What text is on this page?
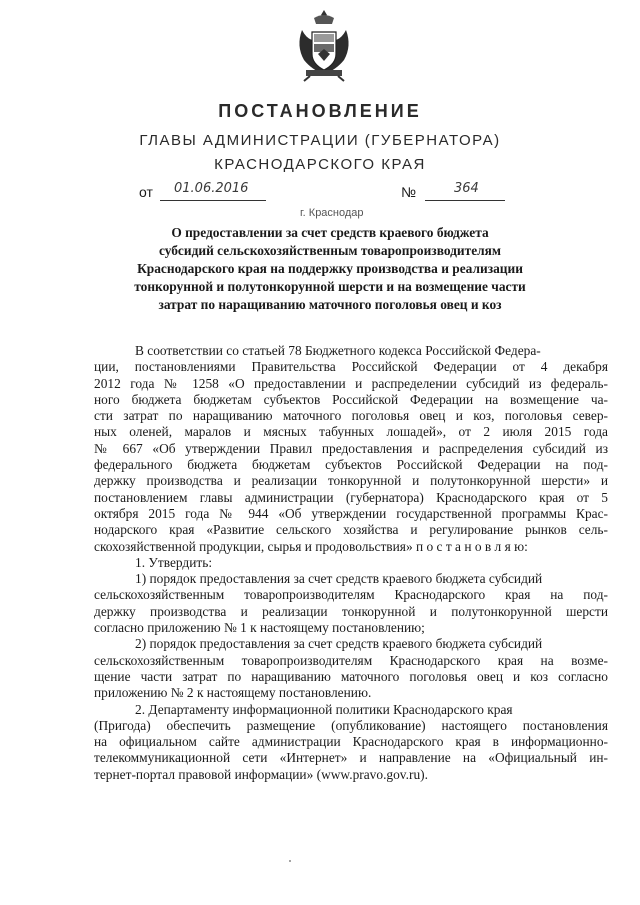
ПОСТАНОВЛЕНИЕ
ГЛАВЫ АДМИНИСТРАЦИИ (ГУБЕРНАТОРА)
КРАСНОДАРСКОГО КРАЯ
от 01.06.2016	№	364
г. Краснодар
О предоставлении за счет средств краевого бюджета
субсидий сельскохозяйственным товаропроизводителям
Краснодарского края на поддержку производства и реализации
тонкорунной и полутонкорунной шерсти и на возмещение части
затрат по наращиванию маточного поголовья овец и коз
В соответствии со статьей 78 Бюджетного кодекса Российской Федера-
ции, постановлениями Правительства Российской Федерации от 4 декабря
2012 года № 1258 «О предоставлении и распределении субсидий из федераль-
ного бюджета бюджетам субъектов Российской Федерации на возмещение ча-
сти затрат по наращиванию маточного поголовья овец и коз, поголовья север-
ных оленей, маралов и мясных табунных лошадей», от 2 июля 2015 года
№ 667 «Об утверждении Правил предоставления и распределения субсидий из
федерального бюджета бюджетам субъектов Российской Федерации на под-
держку производства и реализации тонкорунной и полутонкорунной шерсти» и
постановлением главы администрации (губернатора) Краснодарского края от 5
октября 2015 года № 944 «Об утверждении государственной программы Крас-
нодарского края «Развитие сельского хозяйства и регулирование рынков сель-
скохозяйственной продукции, сырья и продовольствия» п о с т а н о в л я ю:
1. Утвердить:
1) порядок предоставления за счет средств краевого бюджета субсидий
сельскохозяйственным товаропроизводителям Краснодарского края на под-
держку производства и реализации тонкорунной и полутонкорунной шерсти
согласно приложению № 1 к настоящему постановлению;
2) порядок предоставления за счет средств краевого бюджета субсидий
сельскохозяйственным товаропроизводителям Краснодарского края на возме-
щение части затрат по наращиванию маточного поголовья овец и коз согласно
приложению № 2 к настоящему постановлению.
2. Департаменту информационной политики Краснодарского края
(Пригода) обеспечить размещение (опубликование) настоящего постановления
на официальном сайте администрации Краснодарского края в информационно-
телекоммуникационной сети «Интернет» и направление на «Официальный ин-
тернет-портал правовой информации» (www.pravo.gov.ru).
